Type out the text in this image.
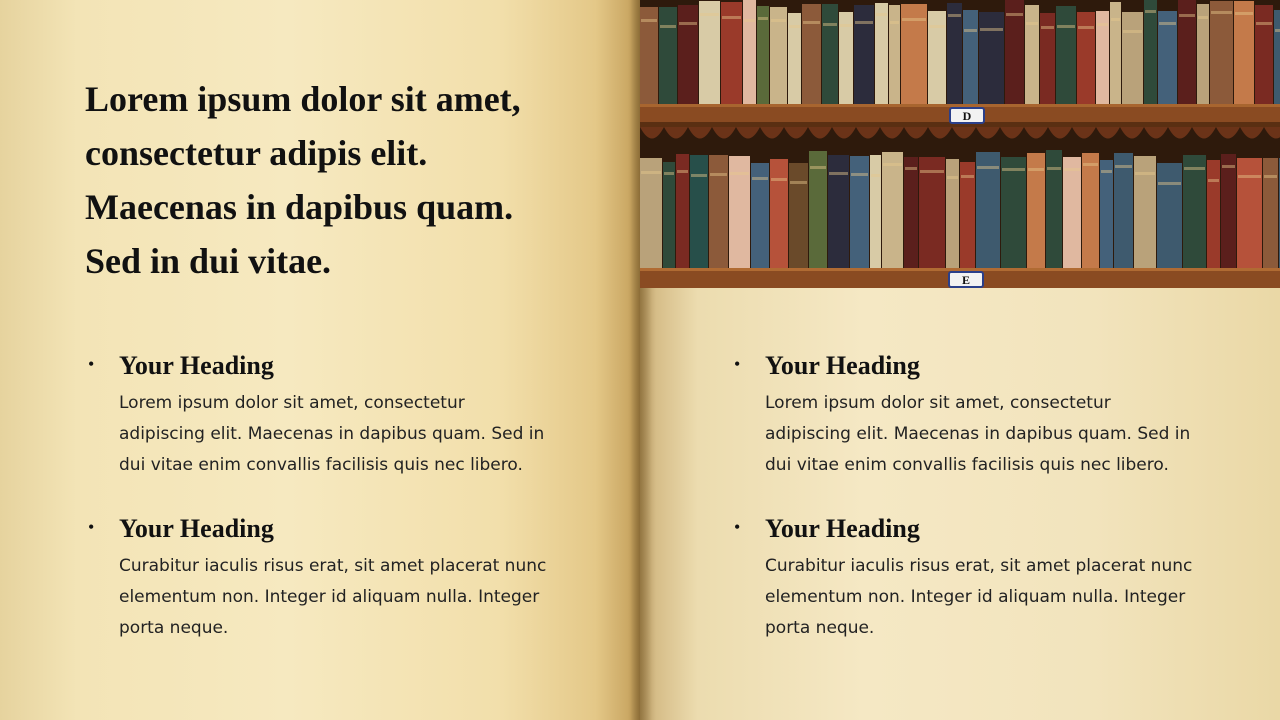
Lorem ipsum dolor sit amet, consectetur adipis elit. Maecenas in dapibus quam. Sed in dui vitae.
• Your Heading

Lorem ipsum dolor sit amet, consectetur adipiscing elit. Maecenas in dapibus quam. Sed in dui vitae enim convallis facilisis quis nec libero.

• Your Heading

Curabitur iaculis risus erat, sit amet placerat nunc elementum non. Integer id aliquam nulla. Integer porta neque.

• Your Heading

Lorem ipsum dolor sit amet, consectetur adipiscing elit. Maecenas in dapibus quam. Sed in dui vitae enim convallis facilisis quis nec libero.

• Your Heading

Curabitur iaculis risus erat, sit amet placerat nunc elementum non. Integer id aliquam nulla. Integer porta neque.

D
E
